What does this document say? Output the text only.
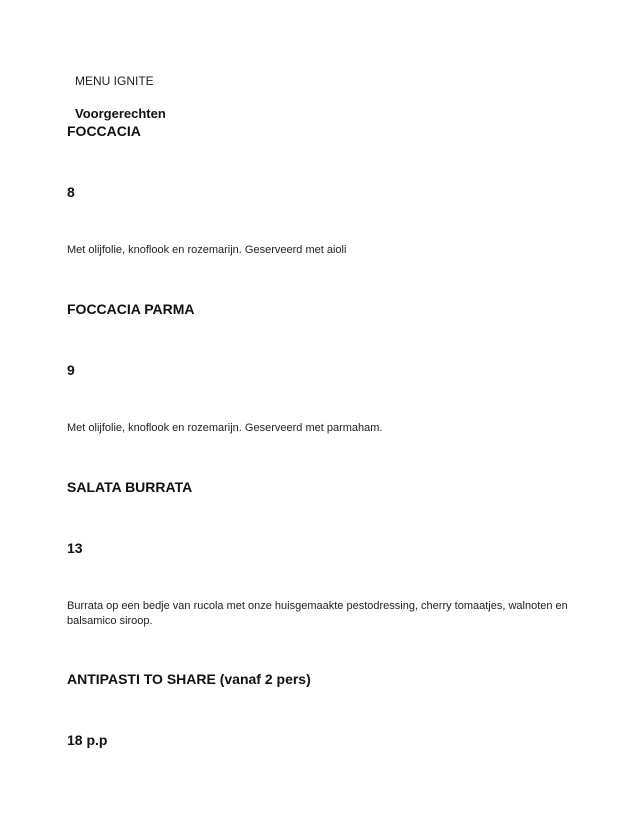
MENU IGNITE
Voorgerechten
FOCCACIA
8
Met olijfolie, knoflook en rozemarijn. Geserveerd met aioli
FOCCACIA PARMA
9
Met olijfolie, knoflook en rozemarijn. Geserveerd met parmaham.
SALATA BURRATA
13
Burrata op een bedje van rucola met onze huisgemaakte pestodressing, cherry tomaatjes, walnoten en balsamico siroop.
ANTIPASTI TO SHARE (vanaf 2 pers)
18 p.p
